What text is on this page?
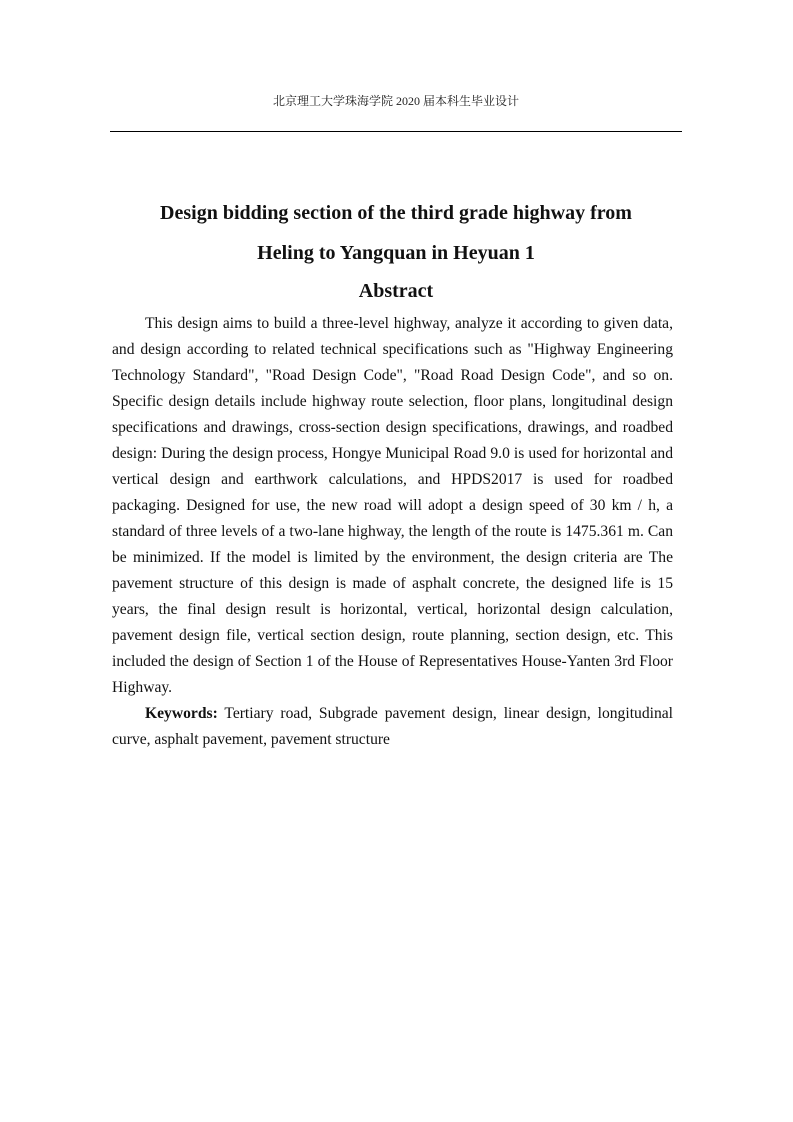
北京理工大学珠海学院 2020 届本科生毕业设计
Design bidding section of the third grade highway from
Heling to Yangquan in Heyuan 1
Abstract

This design aims to build a three-level highway, analyze it according to given data, and design according to related technical specifications such as "Highway Engineering Technology Standard", "Road Design Code", "Road Road Design Code", and so on. Specific design details include highway route selection, floor plans, longitudinal design specifications and drawings, cross-section design specifications, drawings, and roadbed design: During the design process, Hongye Municipal Road 9.0 is used for horizontal and vertical design and earthwork calculations, and HPDS2017 is used for roadbed packaging. Designed for use, the new road will adopt a design speed of 30 km / h, a standard of three levels of a two-lane highway, the length of the route is 1475.361 m. Can be minimized. If the model is limited by the environment, the design criteria are The pavement structure of this design is made of asphalt concrete, the designed life is 15 years, the final design result is horizontal, vertical, horizontal design calculation, pavement design file, vertical section design, route planning, section design, etc. This included the design of Section 1 of the House of Representatives House-Yanten 3rd Floor Highway.

Keywords: Tertiary road, Subgrade pavement design, linear design, longitudinal curve, asphalt pavement, pavement structure
